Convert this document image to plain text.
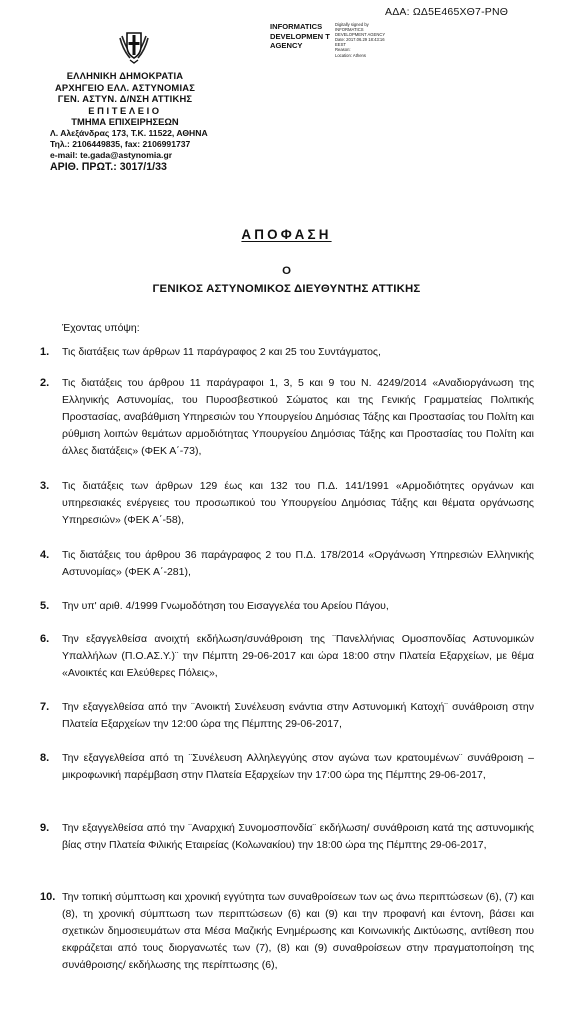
ΑΔΑ: ΩΔ5Ε465ΧΘ7-ΡΝΘ
INFORMATICS DEVELOPMEN T AGENCY
Digitally signed by
INFORMATICS
DEVELOPMENT AGENCY
Date: 2017.06.29 18:43:16
EEST
Reason:
Location: Athens
ΕΛΛΗΝΙΚΗ ΔΗΜΟΚΡΑΤΙΑ
ΑΡΧΗΓΕΙΟ ΕΛΛ. ΑΣΤΥΝΟΜΙΑΣ
ΓΕΝ. ΑΣΤΥΝ. Δ/ΝΣΗ ΑΤΤΙΚΗΣ
ΕΠΙΤΕΛΕΙΟ
ΤΜΗΜΑ ΕΠΙΧΕΙΡΗΣΕΩΝ
Λ. Αλεξάνδρας 173, Τ.Κ. 11522, ΑΘΗΝΑ
Τηλ.: 2106449835, fax: 2106991737
e-mail: te.gada@astynomia.gr
ΑΡΙΘ. ΠΡΩΤ.: 3017/1/33
ΑΠΟΦΑΣΗ
Ο
ΓΕΝΙΚΟΣ ΑΣΤΥΝΟΜΙΚΟΣ ΔΙΕΥΘΥΝΤΗΣ ΑΤΤΙΚΗΣ
Έχοντας υπόψη:
1. Τις διατάξεις των άρθρων 11 παράγραφος 2 και 25 του Συντάγματος,
2. Τις διατάξεις του άρθρου 11 παράγραφοι 1, 3, 5 και 9 του Ν. 4249/2014 «Αναδιοργάνωση της Ελληνικής Αστυνομίας, του Πυροσβεστικού Σώματος και της Γενικής Γραμματείας Πολιτικής Προστασίας, αναβάθμιση Υπηρεσιών του Υπουργείου Δημόσιας Τάξης και Προστασίας του Πολίτη και ρύθμιση λοιπών θεμάτων αρμοδιότητας Υπουργείου Δημόσιας Τάξης και Προστασίας του Πολίτη και άλλες διατάξεις» (ΦΕΚ Α΄-73),
3. Τις διατάξεις των άρθρων 129 έως και 132 του Π.Δ. 141/1991 «Αρμοδιότητες οργάνων και υπηρεσιακές ενέργειες του προσωπικού του Υπουργείου Δημόσιας Τάξης και θέματα οργάνωσης Υπηρεσιών» (ΦΕΚ Α΄-58),
4. Τις διατάξεις του άρθρου 36 παράγραφος 2 του Π.Δ. 178/2014 «Οργάνωση Υπηρεσιών Ελληνικής Αστυνομίας» (ΦΕΚ Α΄-281),
5. Την υπ' αριθ. 4/1999 Γνωμοδότηση του Εισαγγελέα του Αρείου Πάγου,
6. Την εξαγγελθείσα ανοιχτή εκδήλωση/συνάθροιση της ¨Πανελλήνιας Ομοσπονδίας Αστυνομικών Υπαλλήλων (Π.Ο.ΑΣ.Υ.)¨ την Πέμπτη 29-06-2017 και ώρα 18:00 στην Πλατεία Εξαρχείων, με θέμα «Ανοικτές και Ελεύθερες Πόλεις»,
7. Την εξαγγελθείσα από την ¨Ανοικτή Συνέλευση ενάντια στην Αστυνομική Κατοχή¨ συνάθροιση στην Πλατεία Εξαρχείων την 12:00 ώρα της Πέμπτης 29-06-2017,
8. Την εξαγγελθείσα από τη ¨Συνέλευση Αλληλεγγύης στον αγώνα των κρατουμένων¨ συνάθροιση – μικροφωνική παρέμβαση στην Πλατεία Εξαρχείων την 17:00 ώρα της Πέμπτης 29-06-2017,
9. Την εξαγγελθείσα από την ¨Αναρχική Συνομοσπονδία¨ εκδήλωση/ συνάθροιση κατά της αστυνομικής βίας στην Πλατεία Φιλικής Εταιρείας (Κολωνακίου) την 18:00 ώρα της Πέμπτης 29-06-2017,
10. Την τοπική σύμπτωση και χρονική εγγύτητα των συναθροίσεων των ως άνω περιπτώσεων (6), (7) και (8), τη χρονική σύμπτωση των περιπτώσεων (6) και (9) και την προφανή και έντονη, βάσει και σχετικών δημοσιευμάτων στα Μέσα Μαζικής Ενημέρωσης και Κοινωνικής Δικτύωσης, αντίθεση που εκφράζεται από τους διοργανωτές των (7), (8) και (9) συναθροίσεων στην πραγματοποίηση της συνάθροισης/ εκδήλωσης της περίπτωσης (6),
